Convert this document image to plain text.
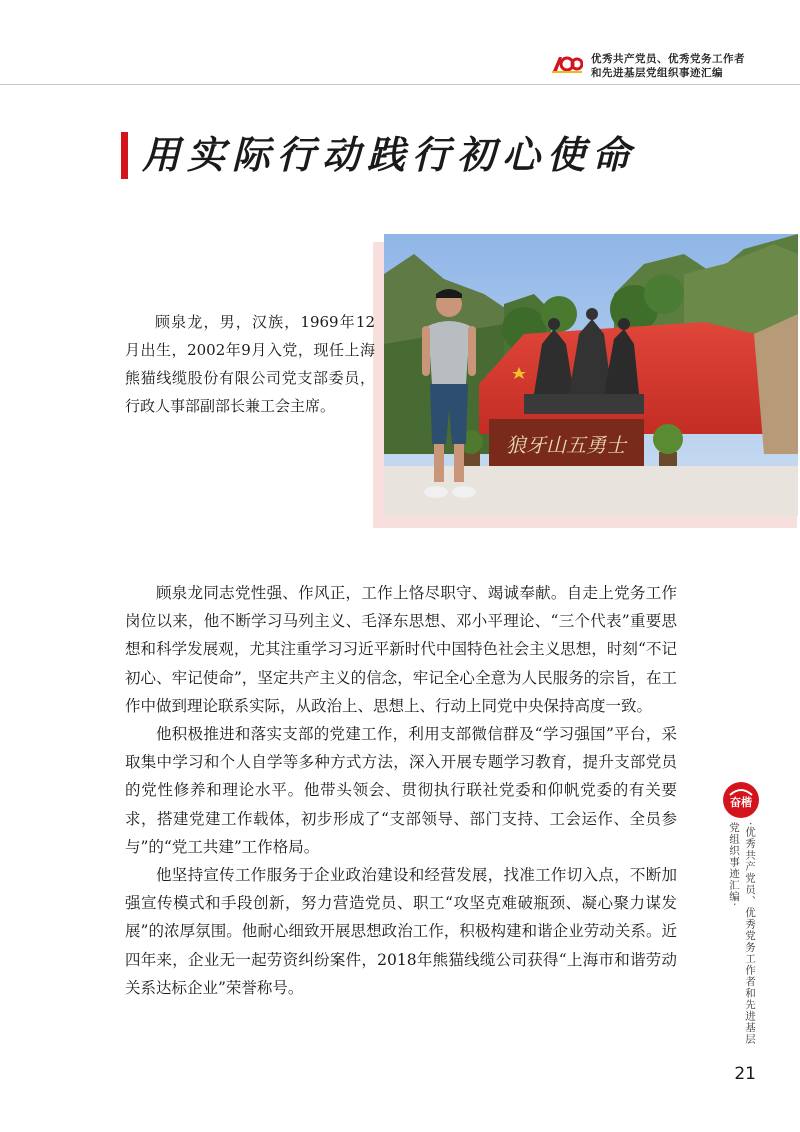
优秀共产党员、优秀党务工作者
和先进基层党组织事迹汇编
用实际行动践行初心使命
狼牙山五勇士

顾泉龙，男，汉族，1969年12月出生，2002年9月入党，现任上海熊猫线缆股份有限公司党支部委员，行政人事部副部长兼工会主席。

顾泉龙同志党性强、作风正，工作上恪尽职守、竭诚奉献。自走上党务工作岗位以来，他不断学习马列主义、毛泽东思想、邓小平理论、“三个代表”重要思想和科学发展观，尤其注重学习习近平新时代中国特色社会主义思想，时刻“不记初心、牢记使命”，坚定共产主义的信念，牢记全心全意为人民服务的宗旨，在工作中做到理论联系实际，从政治上、思想上、行动上同党中央保持高度一致。

他积极推进和落实支部的党建工作，利用支部微信群及“学习强国”平台，采取集中学习和个人自学等多种方式方法，深入开展专题学习教育，提升支部党员的党性修养和理论水平。他带头领会、贯彻执行联社党委和仰帆党委的有关要求，搭建党建工作载体，初步形成了“支部领导、部门支持、工会运作、全员参与”的“党工共建”工作格局。

他坚持宣传工作服务于企业政治建设和经营发展，找准工作切入点，不断加强宣传模式和手段创新，努力营造党员、职工“攻坚克难破瓶颈、凝心聚力谋发展”的浓厚氛围。他耐心细致开展思想政治工作，积极构建和谐企业劳动关系。近四年来，企业无一起劳资纠纷案件，2018年熊猫线缆公司获得“上海市和谐劳动关系达标企业”荣誉称号。

奋楷
·优秀共产党员、优秀党务工作者和先进基层党组织事迹汇编·
21
